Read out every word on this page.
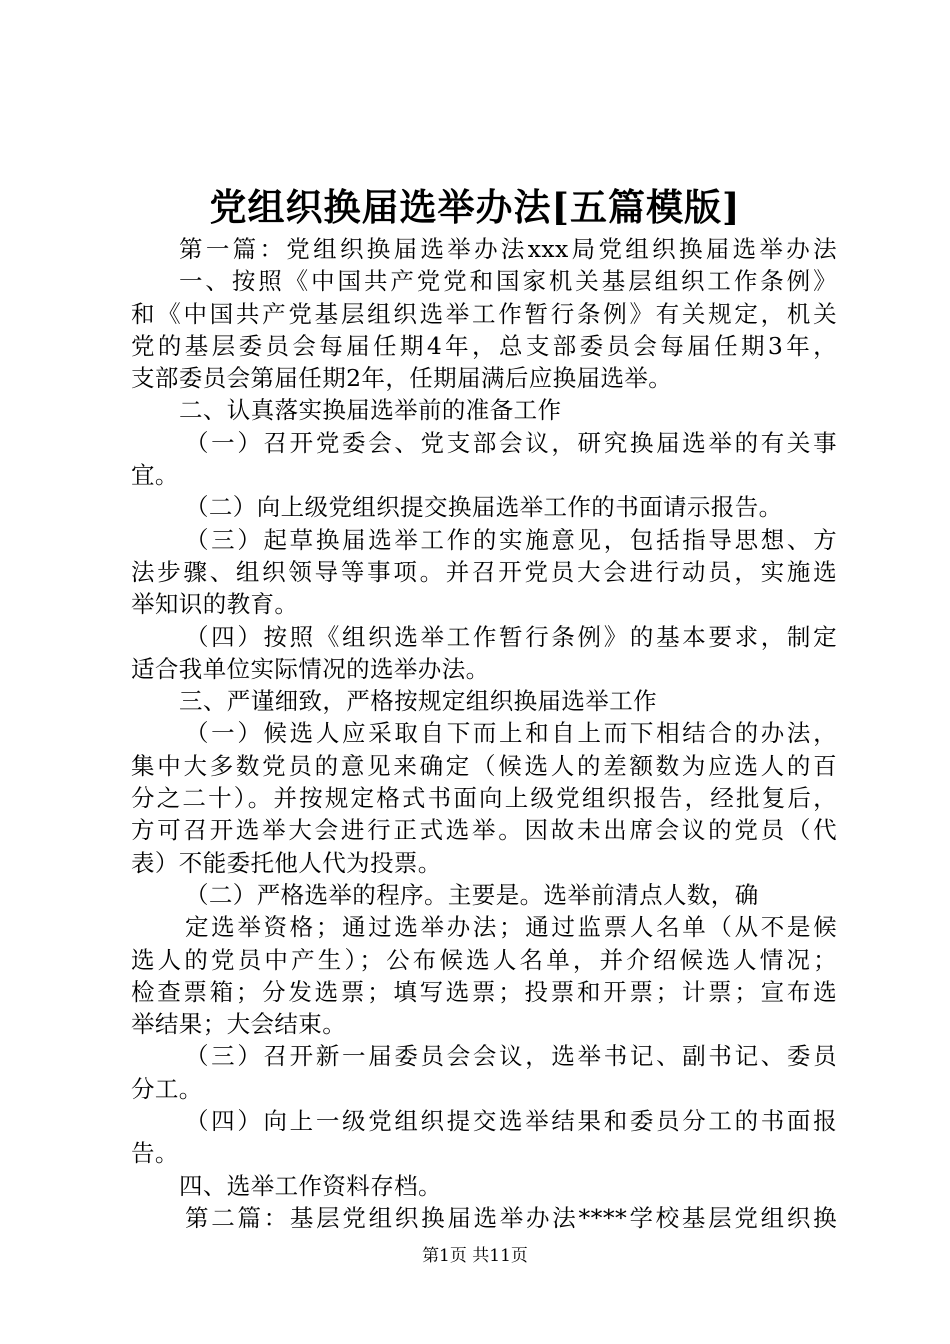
党组织换届选举办法[五篇模版]
第一篇：党组织换届选举办法xxx局党组织换届选举办法
一、按照《中国共产党党和国家机关基层组织工作条例》
和《中国共产党基层组织选举工作暂行条例》有关规定，机关
党的基层委员会每届任期4年，总支部委员会每届任期3年，
支部委员会第届任期2年，任期届满后应换届选举。
二、认真落实换届选举前的准备工作
（一）召开党委会、党支部会议，研究换届选举的有关事
宜。
（二）向上级党组织提交换届选举工作的书面请示报告。
（三）起草换届选举工作的实施意见，包括指导思想、方
法步骤、组织领导等事项。并召开党员大会进行动员，实施选
举知识的教育。
（四）按照《组织选举工作暂行条例》的基本要求，制定
适合我单位实际情况的选举办法。
三、严谨细致，严格按规定组织换届选举工作
（一）候选人应采取自下而上和自上而下相结合的办法，
集中大多数党员的意见来确定（候选人的差额数为应选人的百
分之二十）。并按规定格式书面向上级党组织报告，经批复后，
方可召开选举大会进行正式选举。因故未出席会议的党员（代
表）不能委托他人代为投票。
（二）严格选举的程序。主要是。选举前清点人数，确
定选举资格；通过选举办法；通过监票人名单（从不是候
选人的党员中产生）；公布候选人名单，并介绍候选人情况；
检查票箱；分发选票；填写选票；投票和开票；计票；宣布选
举结果；大会结束。
（三）召开新一届委员会会议，选举书记、副书记、委员
分工。
（四）向上一级党组织提交选举结果和委员分工的书面报
告。
四、选举工作资料存档。
第二篇：基层党组织换届选举办法****学校基层党组织换
第1页 共11页
